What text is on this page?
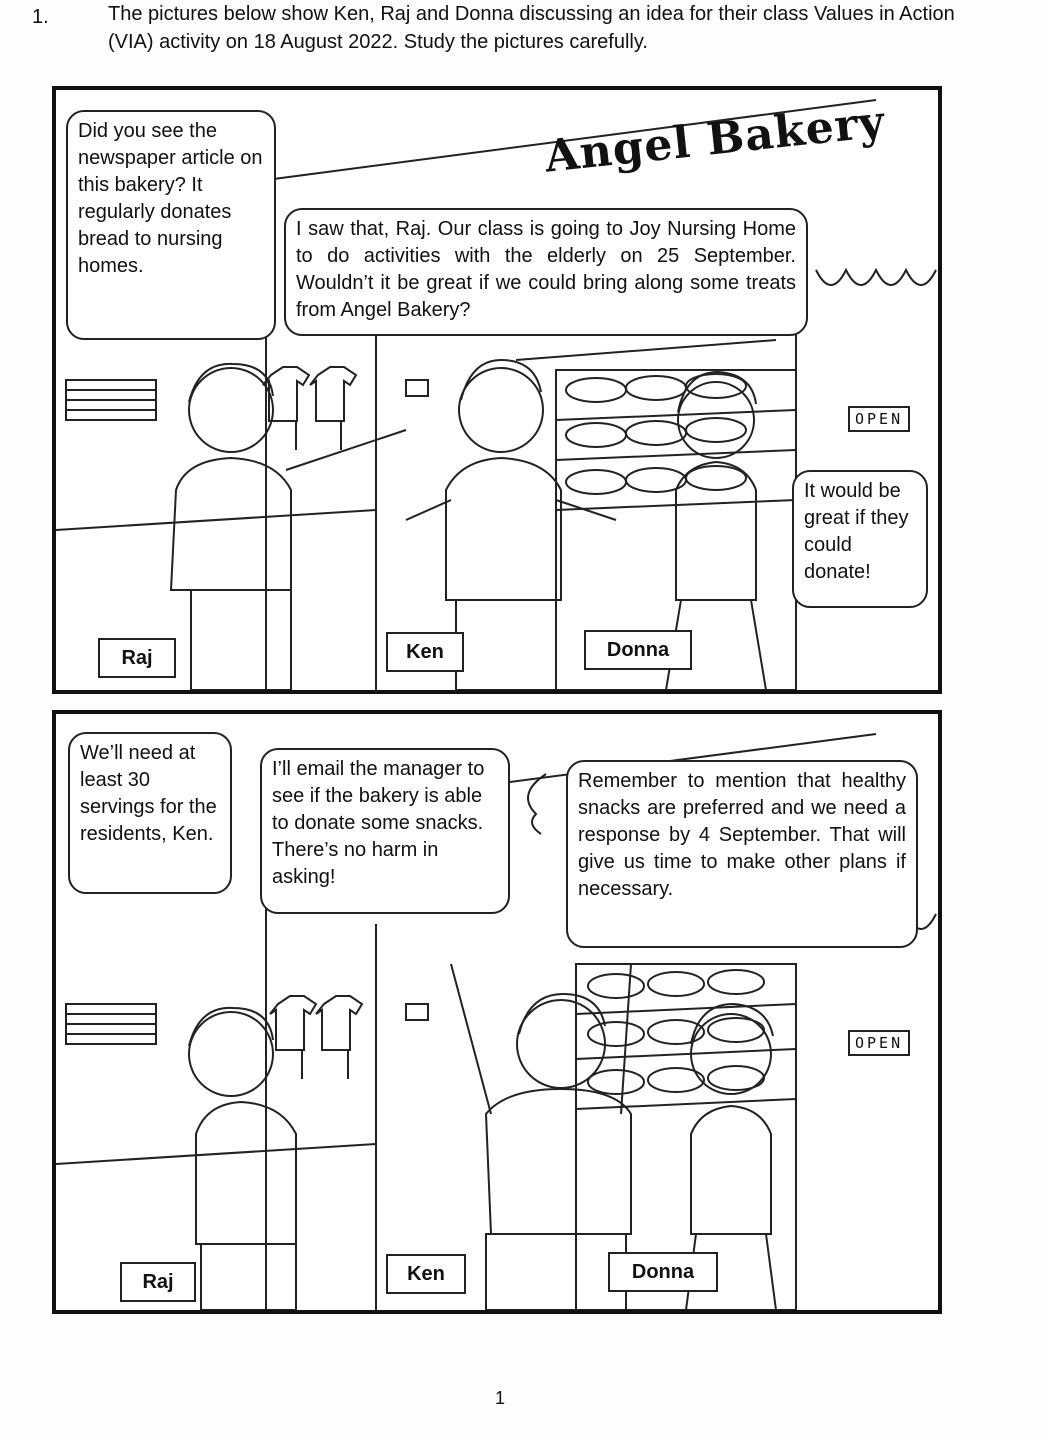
1.	The pictures below show Ken, Raj and Donna discussing an idea for their class Values in Action (VIA) activity on 18 August 2022. Study the pictures carefully.
Angel Bakery
OPEN
Did you see the newspaper article on this bakery? It regularly donates bread to nursing homes.
I saw that, Raj. Our class is going to Joy Nursing Home to do activities with the elderly on 25 September. Wouldn’t it be great if we could bring along some treats from Angel Bakery?
It would be great if they could donate!
Raj	Ken	Donna
OPEN
We’ll need at least 30 servings for the residents, Ken.
I’ll email the manager to see if the bakery is able to donate some snacks. There’s no harm in asking!
Remember to mention that healthy snacks are preferred and we need a response by 4 September. That will give us time to make other plans if necessary.
Raj	Ken	Donna
1
